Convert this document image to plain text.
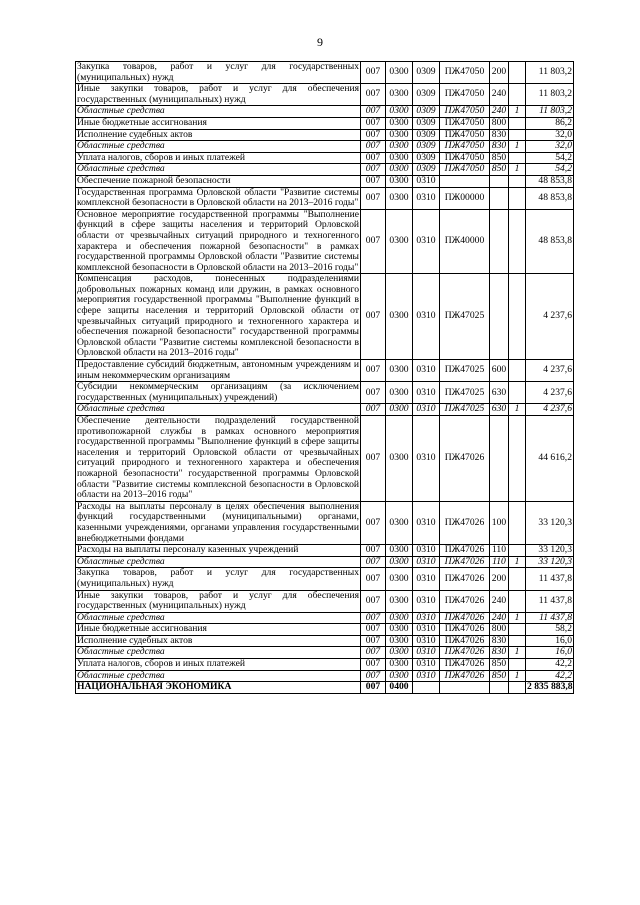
9
Закупка товаров, работ и услуг для государственных (муниципальных) нужд	007	0300	0309	ПЖ47050	200		11 803,2
Иные закупки товаров, работ и услуг для обеспечения государственных (муниципальных) нужд	007	0300	0309	ПЖ47050	240		11 803,2
Областные средства	007	0300	0309	ПЖ47050	240	1	11 803,2
Иные бюджетные ассигнования	007	0300	0309	ПЖ47050	800		86,2
Исполнение судебных актов	007	0300	0309	ПЖ47050	830		32,0
Областные средства	007	0300	0309	ПЖ47050	830	1	32,0
Уплата налогов, сборов и иных платежей	007	0300	0309	ПЖ47050	850		54,2
Областные средства	007	0300	0309	ПЖ47050	850	1	54,2
Обеспечение пожарной безопасности	007	0300	0310				48 853,8
Государственная программа Орловской области "Развитие системы комплексной безопасности в Орловской области на 2013–2016 годы"	007	0300	0310	ПЖ00000			48 853,8
Основное мероприятие государственной программы "Выполнение функций в сфере защиты населения и территорий Орловской области от чрезвычайных ситуаций природного и техногенного характера и обеспечения пожарной безопасности" в рамках государственной программы Орловской области "Развитие системы комплексной безопасности в Орловской области на 2013–2016 годы"	007	0300	0310	ПЖ40000			48 853,8
Компенсация расходов, понесенных подразделениями добровольных пожарных команд или дружин, в рамках основного мероприятия государственной программы "Выполнение функций в сфере защиты населения и территорий Орловской области от чрезвычайных ситуаций природного и техногенного характера и обеспечения пожарной безопасности" государственной программы Орловской области "Развитие системы комплексной безопасности в Орловской области на 2013–2016 годы"	007	0300	0310	ПЖ47025			4 237,6
Предоставление субсидий бюджетным, автономным учреждениям и иным некоммерческим организациям	007	0300	0310	ПЖ47025	600		4 237,6
Субсидии некоммерческим организациям (за исключением государственных (муниципальных) учреждений)	007	0300	0310	ПЖ47025	630		4 237,6
Областные средства	007	0300	0310	ПЖ47025	630	1	4 237,6
Обеспечение деятельности подразделений государственной противопожарной службы в рамках основного мероприятия государственной программы "Выполнение функций в сфере защиты населения и территорий Орловской области от чрезвычайных ситуаций природного и техногенного характера и обеспечения пожарной безопасности" государственной программы Орловской области "Развитие системы комплексной безопасности в Орловской области на 2013–2016 годы"	007	0300	0310	ПЖ47026			44 616,2
Расходы на выплаты персоналу в целях обеспечения выполнения функций государственными (муниципальными) органами, казенными учреждениями, органами управления государственными внебюджетными фондами	007	0300	0310	ПЖ47026	100		33 120,3
Расходы на выплаты персоналу казенных учреждений	007	0300	0310	ПЖ47026	110		33 120,3
Областные средства	007	0300	0310	ПЖ47026	110	1	33 120,3
Закупка товаров, работ и услуг для государственных (муниципальных) нужд	007	0300	0310	ПЖ47026	200		11 437,8
Иные закупки товаров, работ и услуг для обеспечения государственных (муниципальных) нужд	007	0300	0310	ПЖ47026	240		11 437,8
Областные средства	007	0300	0310	ПЖ47026	240	1	11 437,8
Иные бюджетные ассигнования	007	0300	0310	ПЖ47026	800		58,2
Исполнение судебных актов	007	0300	0310	ПЖ47026	830		16,0
Областные средства	007	0300	0310	ПЖ47026	830	1	16,0
Уплата налогов, сборов и иных платежей	007	0300	0310	ПЖ47026	850		42,2
Областные средства	007	0300	0310	ПЖ47026	850	1	42,2
НАЦИОНАЛЬНАЯ ЭКОНОМИКА	007	0400					2 835 883,8
